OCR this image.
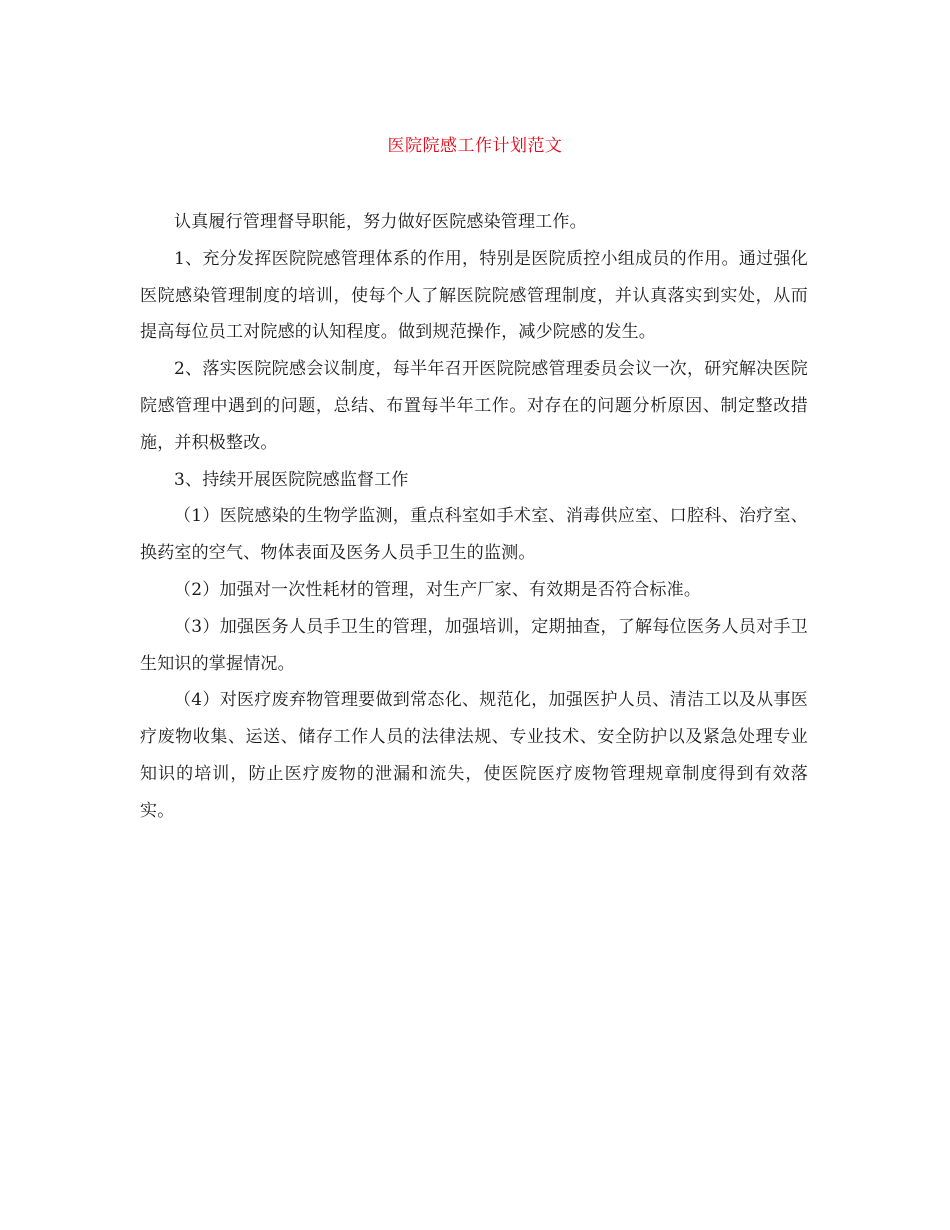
医院院感工作计划范文

认真履行管理督导职能，努力做好医院感染管理工作。

1、充分发挥医院院感管理体系的作用，特别是医院质控小组成员的作用。通过强化医院感染管理制度的培训，使每个人了解医院院感管理制度，并认真落实到实处，从而提高每位员工对院感的认知程度。做到规范操作，减少院感的发生。

2、落实医院院感会议制度，每半年召开医院院感管理委员会议一次，研究解决医院院感管理中遇到的问题，总结、布置每半年工作。对存在的问题分析原因、制定整改措施，并积极整改。

3、持续开展医院院感监督工作

（1）医院感染的生物学监测，重点科室如手术室、消毒供应室、口腔科、治疗室、换药室的空气、物体表面及医务人员手卫生的监测。

（2）加强对一次性耗材的管理，对生产厂家、有效期是否符合标准。

（3）加强医务人员手卫生的管理，加强培训，定期抽查，了解每位医务人员对手卫生知识的掌握情况。

（4）对医疗废弃物管理要做到常态化、规范化，加强医护人员、清洁工以及从事医疗废物收集、运送、储存工作人员的法律法规、专业技术、安全防护以及紧急处理专业知识的培训，防止医疗废物的泄漏和流失，使医院医疗废物管理规章制度得到有效落实。
